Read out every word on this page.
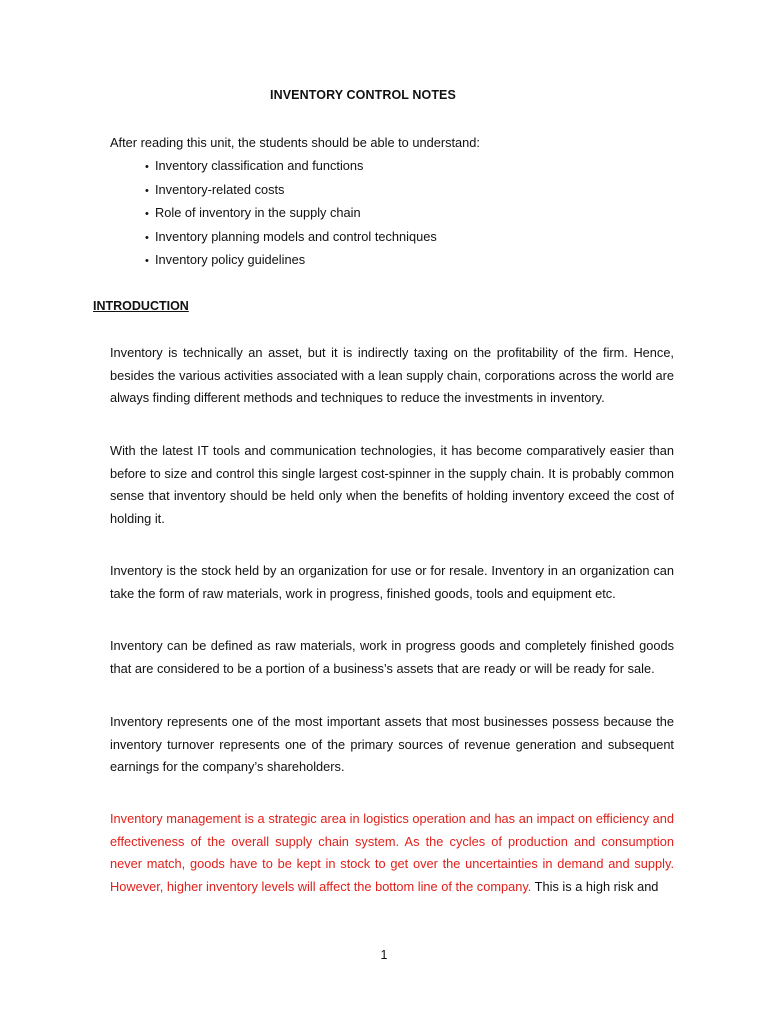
INVENTORY CONTROL NOTES
After reading this unit, the students should be able to understand:
• Inventory classification and functions
• Inventory-related costs
• Role of inventory in the supply chain
• Inventory planning models and control techniques
• Inventory policy guidelines
INTRODUCTION

Inventory is technically an asset, but it is indirectly taxing on the profitability of the firm. Hence, besides the various activities associated with a lean supply chain, corporations across the world are always finding different methods and techniques to reduce the investments in inventory.

With the latest IT tools and communication technologies, it has become comparatively easier than before to size and control this single largest cost-spinner in the supply chain. It is probably common sense that inventory should be held only when the benefits of holding inventory exceed the cost of holding it.

Inventory is the stock held by an organization for use or for resale. Inventory in an organization can take the form of raw materials, work in progress, finished goods, tools and equipment etc.

Inventory can be defined as raw materials, work in progress goods and completely finished goods that are considered to be a portion of a business’s assets that are ready or will be ready for sale.

Inventory represents one of the most important assets that most businesses possess because the inventory turnover represents one of the primary sources of revenue generation and subsequent earnings for the company’s shareholders.

Inventory management is a strategic area in logistics operation and has an impact on efficiency and effectiveness of the overall supply chain system. As the cycles of production and consumption never match, goods have to be kept in stock to get over the uncertainties in demand and supply. However, higher inventory levels will affect the bottom line of the company. This is a high risk and

1
